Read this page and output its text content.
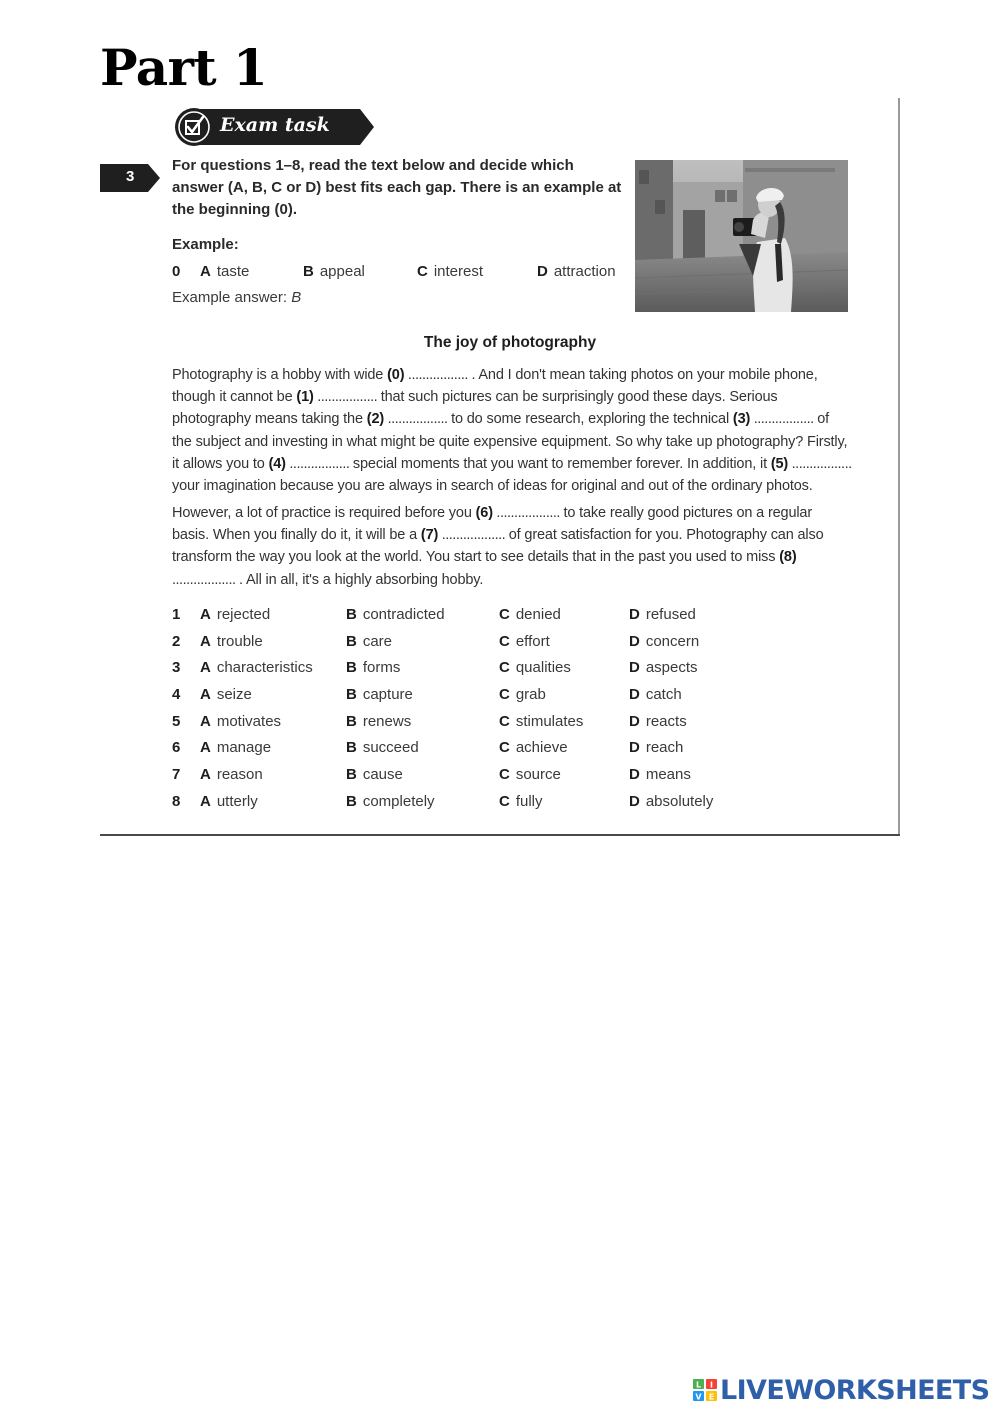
Part 1
Exam task
3

For questions 1–8, read the text below and decide which answer (A, B, C or D) best fits each gap. There is an example at the beginning (0).

Example:
0 A taste	B appeal	C interest	D attraction
Example answer: B
The joy of photography

Photography is a hobby with wide (0) ................. . And I don't mean taking photos on your mobile phone, though it cannot be (1) ................. that such pictures can be surprisingly good these days. Serious photography means taking the (2) ................. to do some research, exploring the technical (3) ................. of the subject and investing in what might be quite expensive equipment. So why take up photography? Firstly, it allows you to (4) ................. special moments that you want to remember forever. In addition, it (5) ................. your imagination because you are always in search of ideas for original and out of the ordinary photos.

However, a lot of practice is required before you (6) .................. to take really good pictures on a regular basis. When you finally do it, it will be a (7) .................. of great satisfaction for you. Photography can also transform the way you look at the world. You start to see details that in the past you used to miss (8) .................. . All in all, it's a highly absorbing hobby.

1 A rejected	B contradicted	C denied	D refused
2 A trouble	B care	C effort	D concern
3 A characteristics B forms	C qualities	D aspects
4 A seize	B capture	C grab	D catch
5 A motivates	B renews	C stimulates	D reacts
6 A manage	B succeed	C achieve	D reach
7 A reason	B cause	C source	D means
8 A utterly	B completely	C fully	D absolutely
L I
V E LIVEWORKSHEETS
